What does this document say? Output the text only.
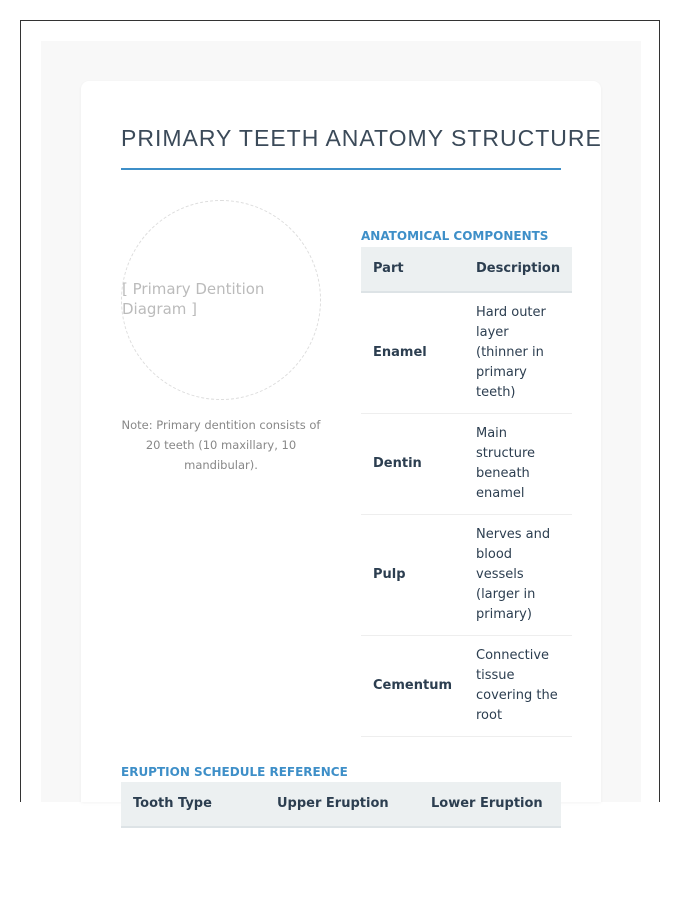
PRIMARY TEETH ANATOMY STRUCTURE
[ Primary Dentition Diagram ]
Note: Primary dentition consists of 20 teeth (10 maxillary, 10 mandibular).
ANATOMICAL COMPONENTS
Part	Description
Enamel	Hard outer layer (thinner in primary teeth)
Dentin	Main structure beneath enamel
Pulp	Nerves and blood vessels (larger in primary)
Cementum	Connective tissue covering the root
ERUPTION SCHEDULE REFERENCE
Tooth Type	Upper Eruption	Lower Eruption
